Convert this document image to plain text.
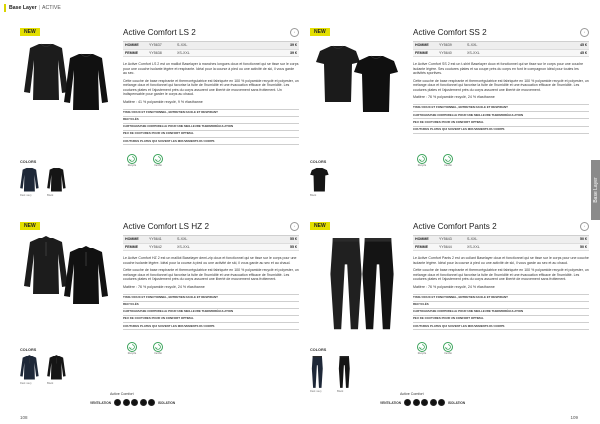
Base Layer | ACTIVE
Base Layer
NEW	Active Comfort LS 2	•
HOMME	YY5637	S-XXL	39 €
FEMME	YY5638	XS-XXL	39 €

Le Active Comfort LS 2 est un maillot Baselayer à manches longues doux et fonctionnel qui se tisse sur le corps pour une couche isolante légère et respirante. Idéal pour la course à pied ou une activité de ski, il vous garde au sec.

Cette couche de base respirante et thermorégulatrice est fabriquée en 100 % polyamide recyclé et polyester, un mélange doux et fonctionnel qui favorise la fuite de l'humidité et une évacuation efficace de l'humidité. Les coutures plates et l'ajustement près du corps assurent une liberté de mouvement sans frottement. Un indispensable pour garder le corps au chaud.

Matière : 41 % polyamide recyclé, 9 % élasthanne
TISSU DOUX ET FONCTIONNEL, ENTRETIEN FACILE ET RESPIRANT
RECYCLÉS
CARTOGRAPHIE CORPORELLE POUR UNE MEILLEURE THERMORÉGULATION
PEU DE COUTURES POUR UN CONFORT OPTIMAL
COUTURES PLATES QUI SUIVENT LES MOUVEMENTS DU CORPS
COLORS
Dark navy	Black
Recyclé	Certifié
NEW	Active Comfort SS 2	•
HOMME	YY5639	S-XXL	45 €
FEMME	YY5640	XS-XXL	45 €

Le Active Comfort SS 2 est un t-shirt Baselayer doux et fonctionnel qui se tisse sur le corps pour une couche isolante légère. Ses coutures plates et sa coupe près du corps en font le compagnon idéal pour toutes les activités sportives.

Cette couche de base respirante et thermorégulatrice est fabriquée en 100 % polyamide recyclé et polyester, un mélange doux et fonctionnel qui favorise la fuite de l'humidité et une évacuation efficace de l'humidité. Les coutures plates et l'ajustement près du corps assurent une liberté de mouvement.

Matière : 76 % polyamide recyclé, 24 % élasthanne
TISSU DOUX ET FONCTIONNEL, ENTRETIEN FACILE ET RESPIRANT
CARTOGRAPHIE CORPORELLE POUR UNE MEILLEURE THERMORÉGULATION
PEU DE COUTURES POUR UN CONFORT OPTIMAL
COUTURES PLATES QUI SUIVENT LES MOUVEMENTS DU CORPS
COLORS
Black
Recyclé	Certifié
NEW	Active Comfort LS HZ 2	•
HOMME	YY5641	S-XXL	55 €
FEMME	YY5642	XS-XXL	55 €

Le Active Comfort HZ 2 est un maillot Baselayer demi-zip doux et fonctionnel qui se tisse sur le corps pour une couche isolante légère. Idéal pour la course à pied ou une activité de ski, il vous garde au sec et au chaud.

Cette couche de base respirante et thermorégulatrice est fabriquée en 100 % polyamide recyclé et polyester, un mélange doux et fonctionnel qui favorise la fuite de l'humidité et une évacuation efficace de l'humidité. Les coutures plates et l'ajustement près du corps assurent une liberté de mouvement sans frottement.

Matière : 76 % polyamide recyclé, 24 % élasthanne
TISSU DOUX ET FONCTIONNEL, ENTRETIEN FACILE ET RESPIRANT
RECYCLÉS
CARTOGRAPHIE CORPORELLE POUR UNE MEILLEURE THERMORÉGULATION
PEU DE COUTURES POUR UN CONFORT OPTIMAL
COUTURES PLATES QUI SUIVENT LES MOUVEMENTS DU CORPS
COLORS
Dark navy	Black
Recyclé	Certifié
Active Comfort
VENTILATION	ISOLATION
NEW	Active Comfort Pants 2	•
HOMME	YY5643	S-XXL	50 €
FEMME	YY5644	XS-XXL	50 €

Le Active Comfort Pants 2 est un collant Baselayer doux et fonctionnel qui se tisse sur le corps pour une couche isolante légère. Idéal pour la course à pied ou une activité de ski, il vous garde au sec et au chaud.

Cette couche de base respirante et thermorégulatrice est fabriquée en 100 % polyamide recyclé et polyester, un mélange doux et fonctionnel qui favorise la fuite de l'humidité et une évacuation efficace de l'humidité. Les coutures plates et l'ajustement près du corps assurent une liberté de mouvement sans frottement.

Matière : 76 % polyamide recyclé, 24 % élasthanne
TISSU DOUX ET FONCTIONNEL, ENTRETIEN FACILE ET RESPIRANT
RECYCLÉS
CARTOGRAPHIE CORPORELLE POUR UNE MEILLEURE THERMORÉGULATION
PEU DE COUTURES POUR UN CONFORT OPTIMAL
COUTURES PLATES QUI SUIVENT LES MOUVEMENTS DU CORPS
COLORS
Dark navy	Black
Recyclé	Certifié
Active Comfort
VENTILATION	ISOLATION
108	109
